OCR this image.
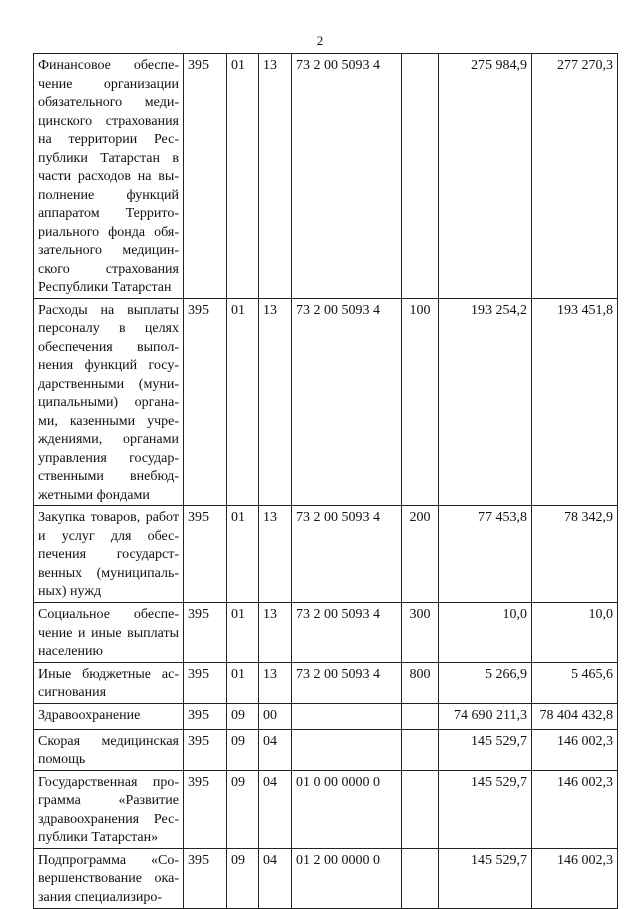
2
Финансовое обеспечение организации обязательного медицинского страхования на территории Республики Татарстан в части расходов на выполнение функций аппаратом Территориального фонда обязательного медицинского страхования Республики Татарстан	395	01	13	73 2 00 5093 4		275 984,9	277 270,3
Расходы на выплаты персоналу в целях обеспечения выполнения функций государственными (муниципальными) органами, казенными учреждениями, органами управления государственными внебюджетными фондами	395	01	13	73 2 00 5093 4	100	193 254,2	193 451,8
Закупка товаров, работ и услуг для обеспечения государственных (муниципальных) нужд	395	01	13	73 2 00 5093 4	200	77 453,8	78 342,9
Социальное обеспечение и иные выплаты населению	395	01	13	73 2 00 5093 4	300	10,0	10,0
Иные бюджетные ассигнования	395	01	13	73 2 00 5093 4	800	5 266,9	5 465,6
Здравоохранение	395	09	00			74 690 211,3	78 404 432,8
Скорая медицинская помощь	395	09	04			145 529,7	146 002,3
Государственная программа «Развитие здравоохранения Республики Татарстан»	395	09	04	01 0 00 0000 0		145 529,7	146 002,3
Подпрограмма «Совершенствование оказания специализиро-	395	09	04	01 2 00 0000 0		145 529,7	146 002,3
